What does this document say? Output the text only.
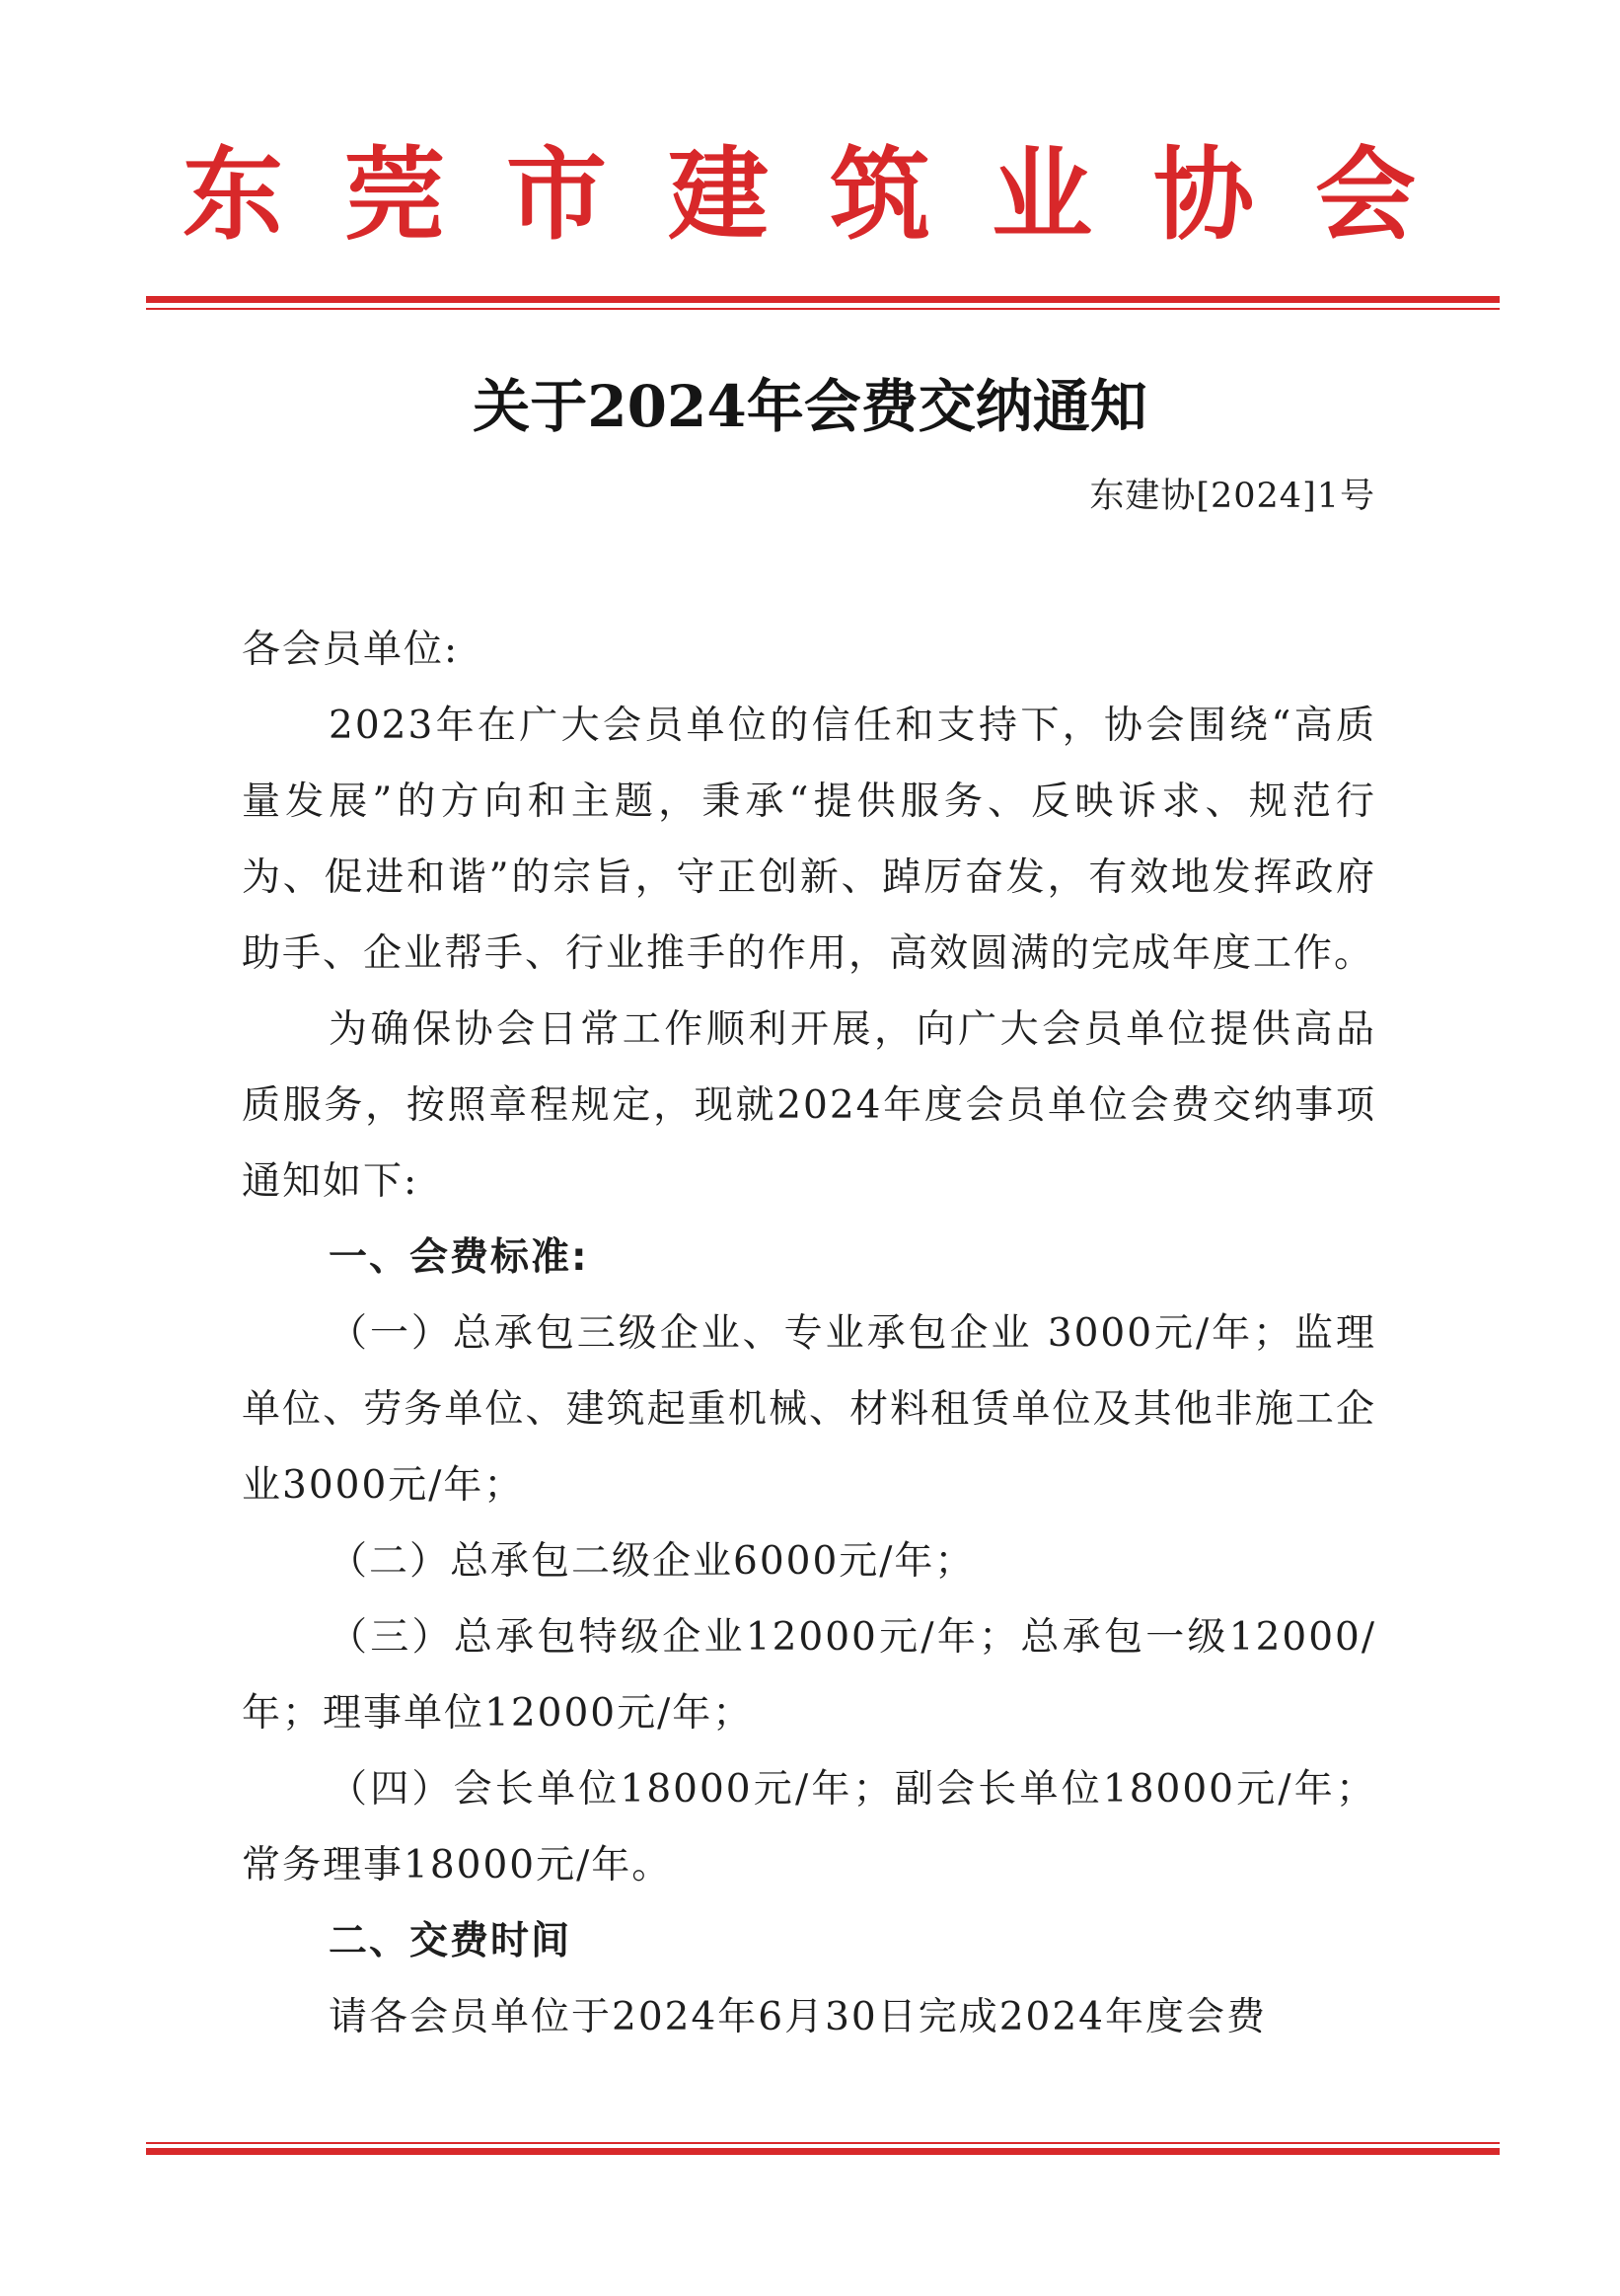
东莞市建筑业协会
关于2024年会费交纳通知
东建协[2024]1号

各会员单位:

2023年在广大会员单位的信任和支持下，协会围绕“高质量发展”的方向和主题，秉承“提供服务、反映诉求、规范行为、促进和谐”的宗旨，守正创新、踔厉奋发，有效地发挥政府助手、企业帮手、行业推手的作用，高效圆满的完成年度工作。

为确保协会日常工作顺利开展，向广大会员单位提供高品质服务，按照章程规定，现就2024年度会员单位会费交纳事项通知如下:

一、会费标准:

（一）总承包三级企业、专业承包企业 3000元/年；监理单位、劳务单位、建筑起重机械、材料租赁单位及其他非施工企业3000元/年；

（二）总承包二级企业6000元/年；

（三）总承包特级企业12000元/年；总承包一级12000/年；理事单位12000元/年；

（四）会长单位18000元/年；副会长单位18000元/年；常务理事18000元/年。

二、交费时间

请各会员单位于2024年6月30日完成2024年度会费
